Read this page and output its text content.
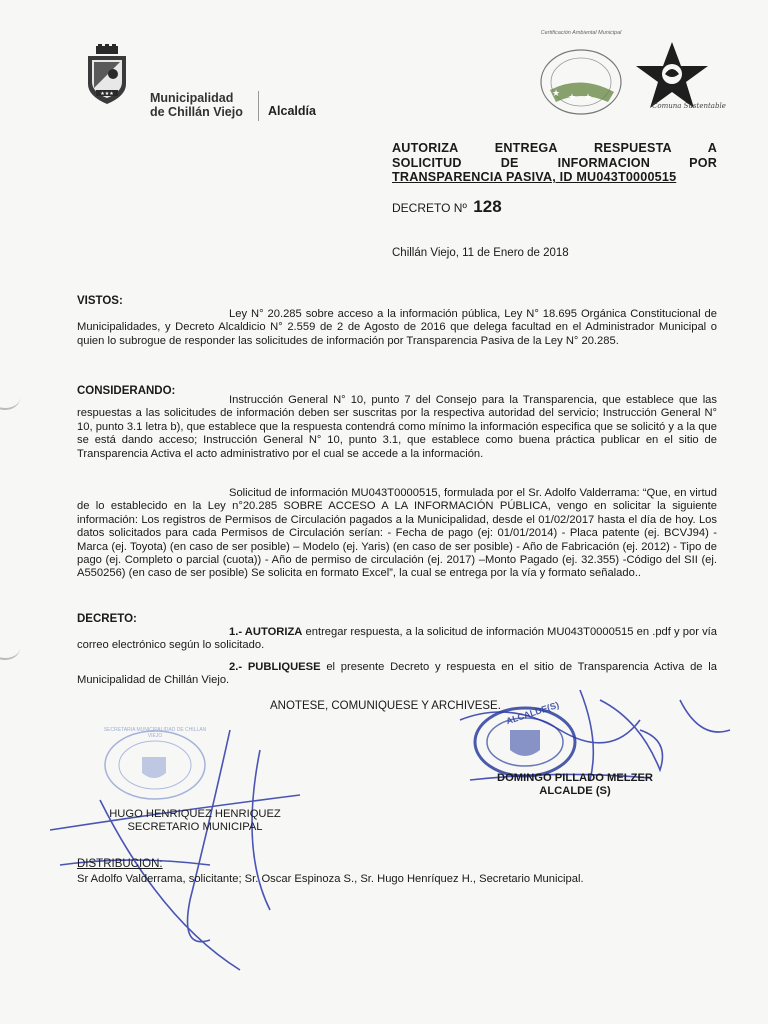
★★★	Municipalidad
de Chillán Viejo Alcaldía
★ ★ ★
Certificación Ambiental Municipal
Comuna Sustentable
AUTORIZA ENTREGA RESPUESTA A
SOLICITUD DE INFORMACION POR
TRANSPARENCIA PASIVA, ID MU043T0000515
DECRETO Nº 128
Chillán Viejo, 11 de Enero de 2018
VISTOS:

Ley N° 20.285 sobre acceso a la información pública, Ley N° 18.695 Orgánica Constitucional de Municipalidades, y Decreto Alcaldicio N° 2.559 de 2 de Agosto de 2016 que delega facultad en el Administrador Municipal o quien lo subrogue de responder las solicitudes de información por Transparencia Pasiva de la Ley N° 20.285.

CONSIDERANDO:

Instrucción General N° 10, punto 7 del Consejo para la Transparencia, que establece que las respuestas a las solicitudes de información deben ser suscritas por la respectiva autoridad del servicio; Instrucción General N° 10, punto 3.1 letra b), que establece que la respuesta contendrá como mínimo la información especifica que se solicitó y a la que se está dando acceso; Instrucción General N° 10, punto 3.1, que establece como buena práctica publicar en el sitio de Transparencia Activa el acto administrativo por el cual se accede a la información.

Solicitud de información MU043T0000515, formulada por el Sr. Adolfo Valderrama: “Que, en virtud de lo establecido en la Ley n°20.285 SOBRE ACCESO A LA INFORMACIÓN PÚBLICA, vengo en solicitar la siguiente información: Los registros de Permisos de Circulación pagados a la Municipalidad, desde el 01/02/2017 hasta el día de hoy. Los datos solicitados para cada Permisos de Circulación serían: - Fecha de pago (ej: 01/01/2014) - Placa patente (ej. BCVJ94) - Marca (ej. Toyota) (en caso de ser posible) – Modelo (ej. Yaris) (en caso de ser posible) - Año de Fabricación (ej. 2012) - Tipo de pago (ej. Completo o parcial (cuota)) - Año de permiso de circulación (ej. 2017) –Monto Pagado (ej. 32.355) -Código del SII (ej. A550256) (en caso de ser posible) Se solicita en formato Excel”, la cual se entrega por la vía y formato señalado..

DECRETO:

1.- AUTORIZA entregar respuesta, a la solicitud de información MU043T0000515 en .pdf y por vía correo electrónico según lo solicitado.

2.- PUBLIQUESE el presente Decreto y respuesta en el sitio de Transparencia Activa de la Municipalidad de Chillán Viejo.

ANOTESE, COMUNIQUESE Y ARCHIVESE. ALCALDE(S)
SECRETARIA MUNICIPALIDAD DE CHILLAN VIEJO
DOMINGO PILLADO MELZER
ALCALDE (S)
HUGO HENRIQUEZ HENRIQUEZ
SECRETARIO MUNICIPAL
DISTRIBUCION:
Sr Adolfo Valderrama, solicitante; Sr. Oscar Espinoza S., Sr. Hugo Henríquez H., Secretario Municipal.
